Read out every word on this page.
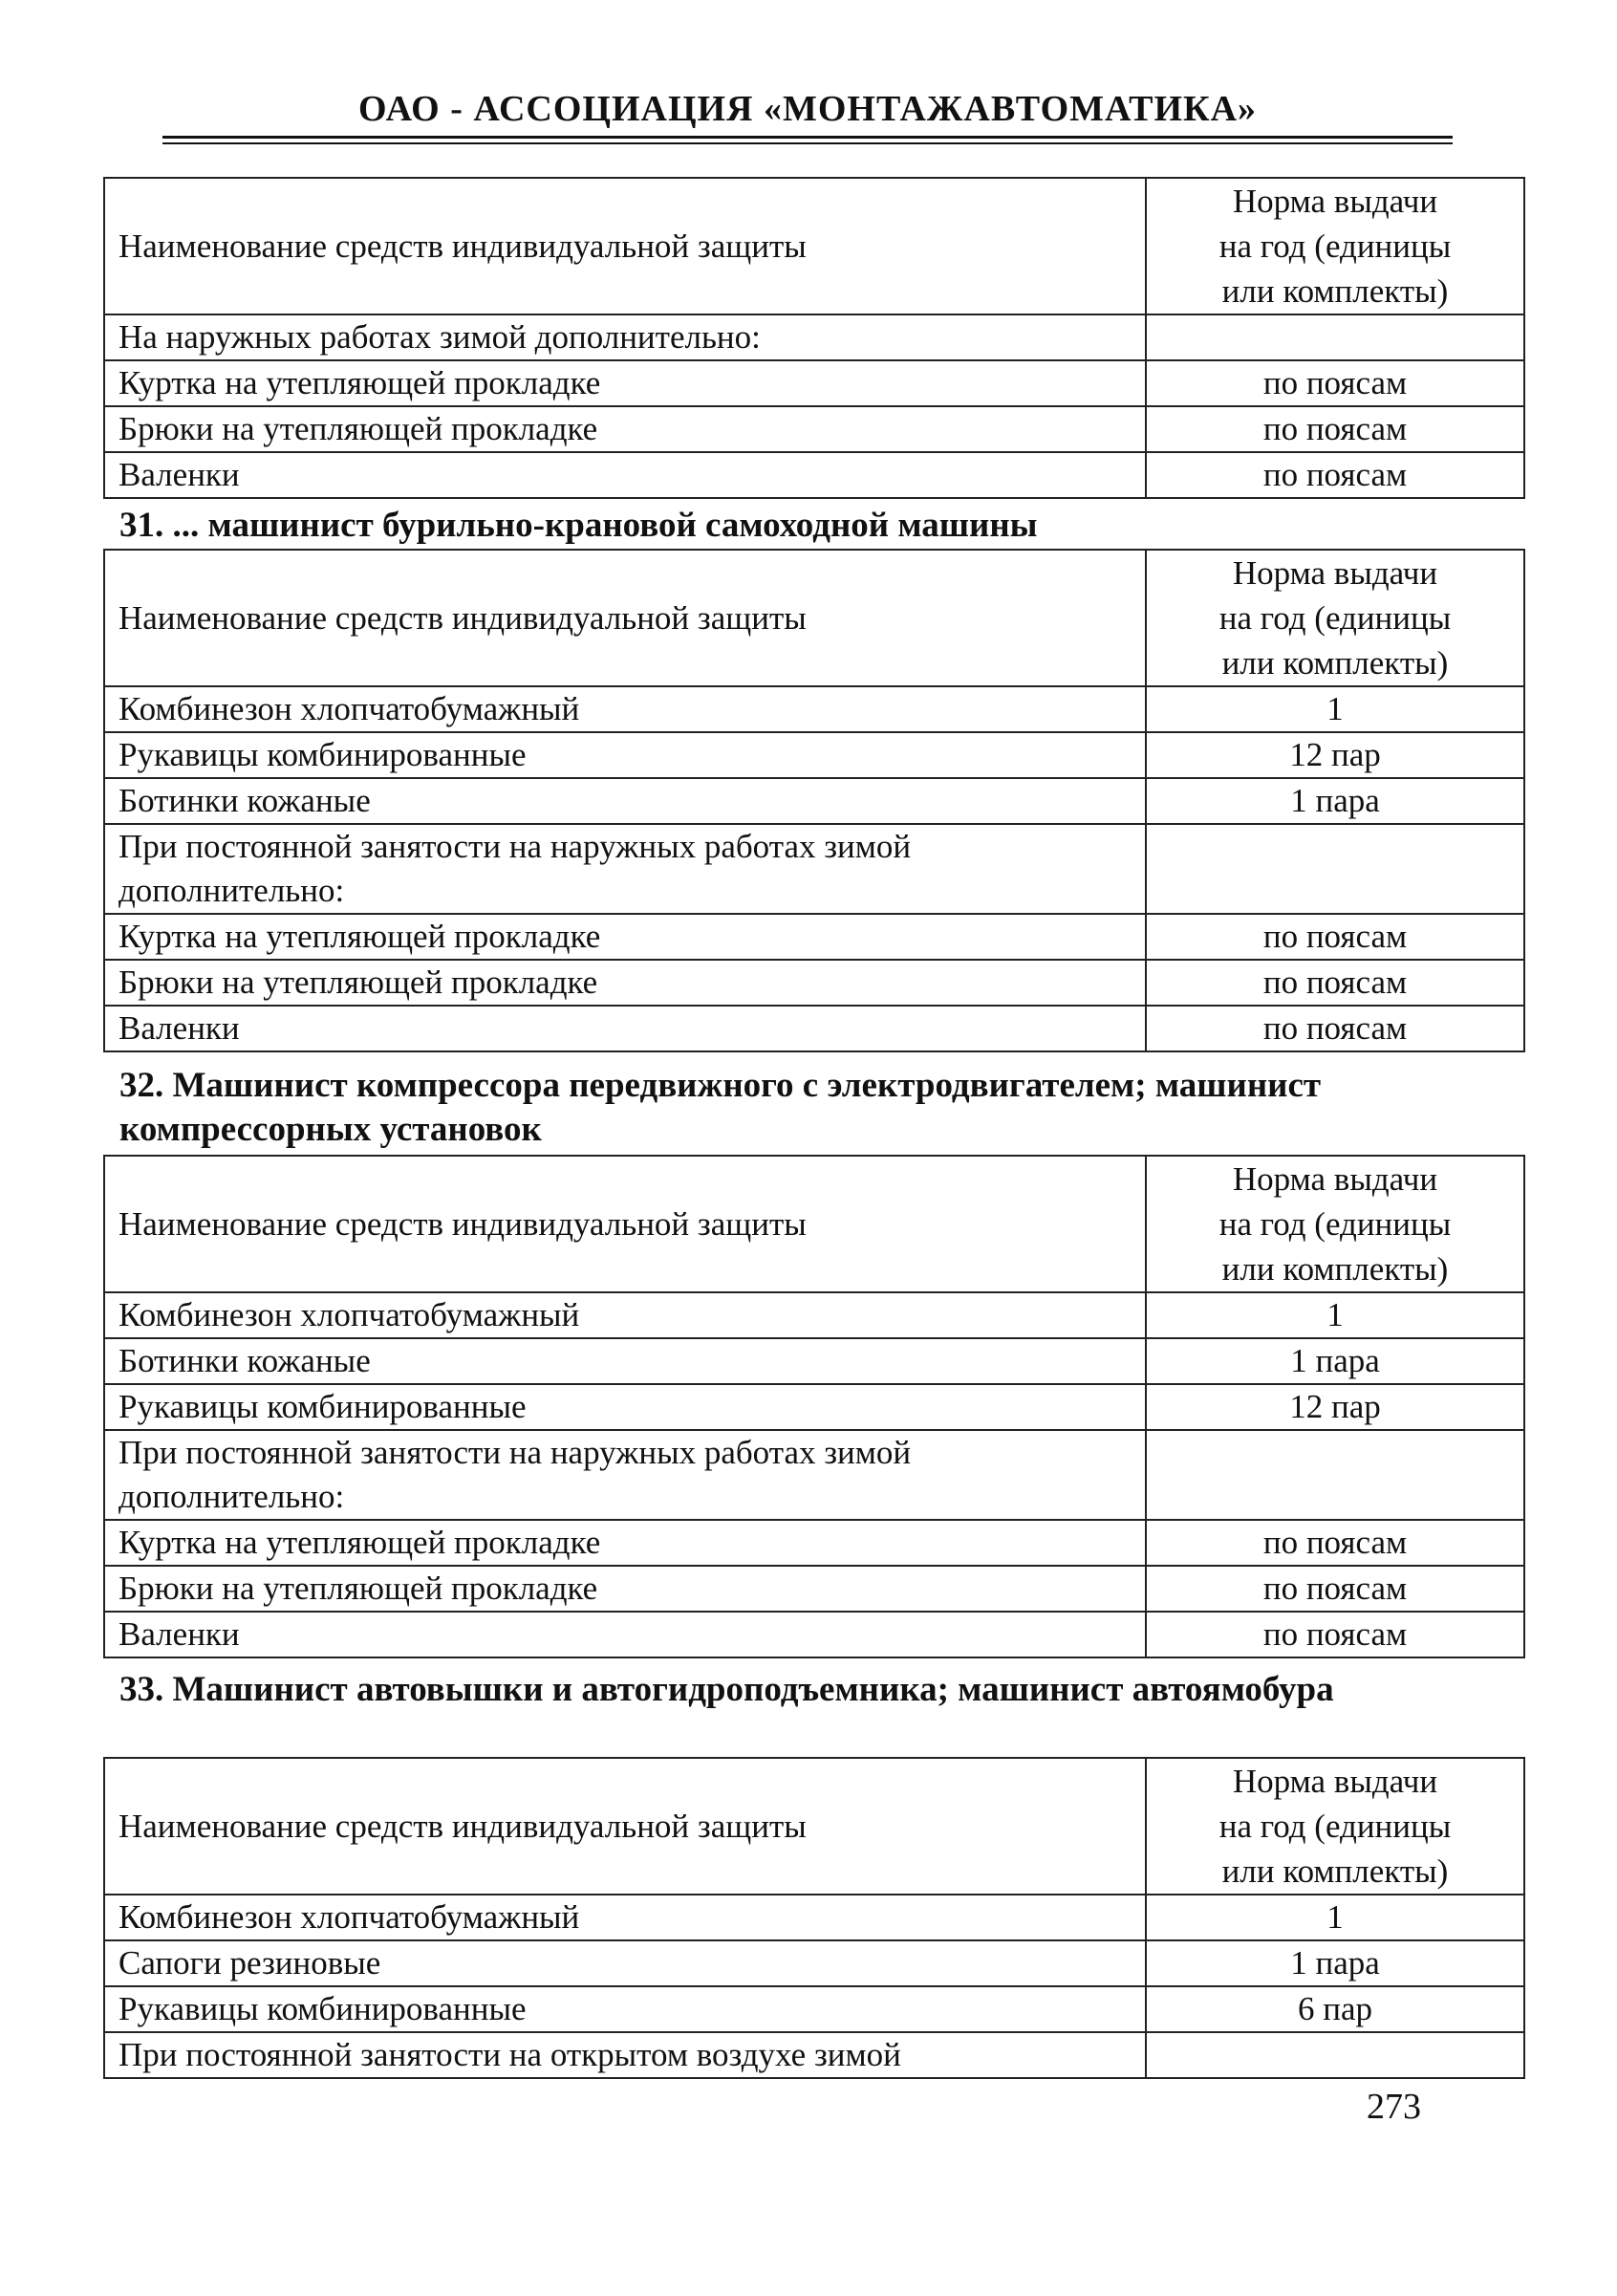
ОАО - АССОЦИАЦИЯ «МОНТАЖАВТОМАТИКА»
Наименование средств индивидуальной защиты	Норма выдачи
на год (единицы
или комплекты)

На наружных работах зимой дополнительно:	
Куртка на утепляющей прокладке	по поясам
Брюки на утепляющей прокладке	по поясам
Валенки	по поясам
31. ... машинист бурильно-крановой самоходной машины
Наименование средств индивидуальной защиты	Норма выдачи
на год (единицы
или комплекты)

Комбинезон хлопчатобумажный	1
Рукавицы комбинированные	12 пар
Ботинки кожаные	1 пара
При постоянной занятости на наружных работах зимой дополнительно:	
Куртка на утепляющей прокладке	по поясам
Брюки на утепляющей прокладке	по поясам
Валенки	по поясам
32. Машинист компрессора передвижного с электродвигателем; машинист компрессорных установок
Наименование средств индивидуальной защиты	Норма выдачи
на год (единицы
или комплекты)

Комбинезон хлопчатобумажный	1
Ботинки кожаные	1 пара
Рукавицы комбинированные	12 пар
При постоянной занятости на наружных работах зимой дополнительно:	
Куртка на утепляющей прокладке	по поясам
Брюки на утепляющей прокладке	по поясам
Валенки	по поясам
33. Машинист автовышки и автогидроподъемника; машинист автоямобура
Наименование средств индивидуальной защиты	Норма выдачи
на год (единицы
или комплекты)

Комбинезон хлопчатобумажный	1
Сапоги резиновые	1 пара
Рукавицы комбинированные	6 пар
При постоянной занятости на открытом воздухе зимой	
273
